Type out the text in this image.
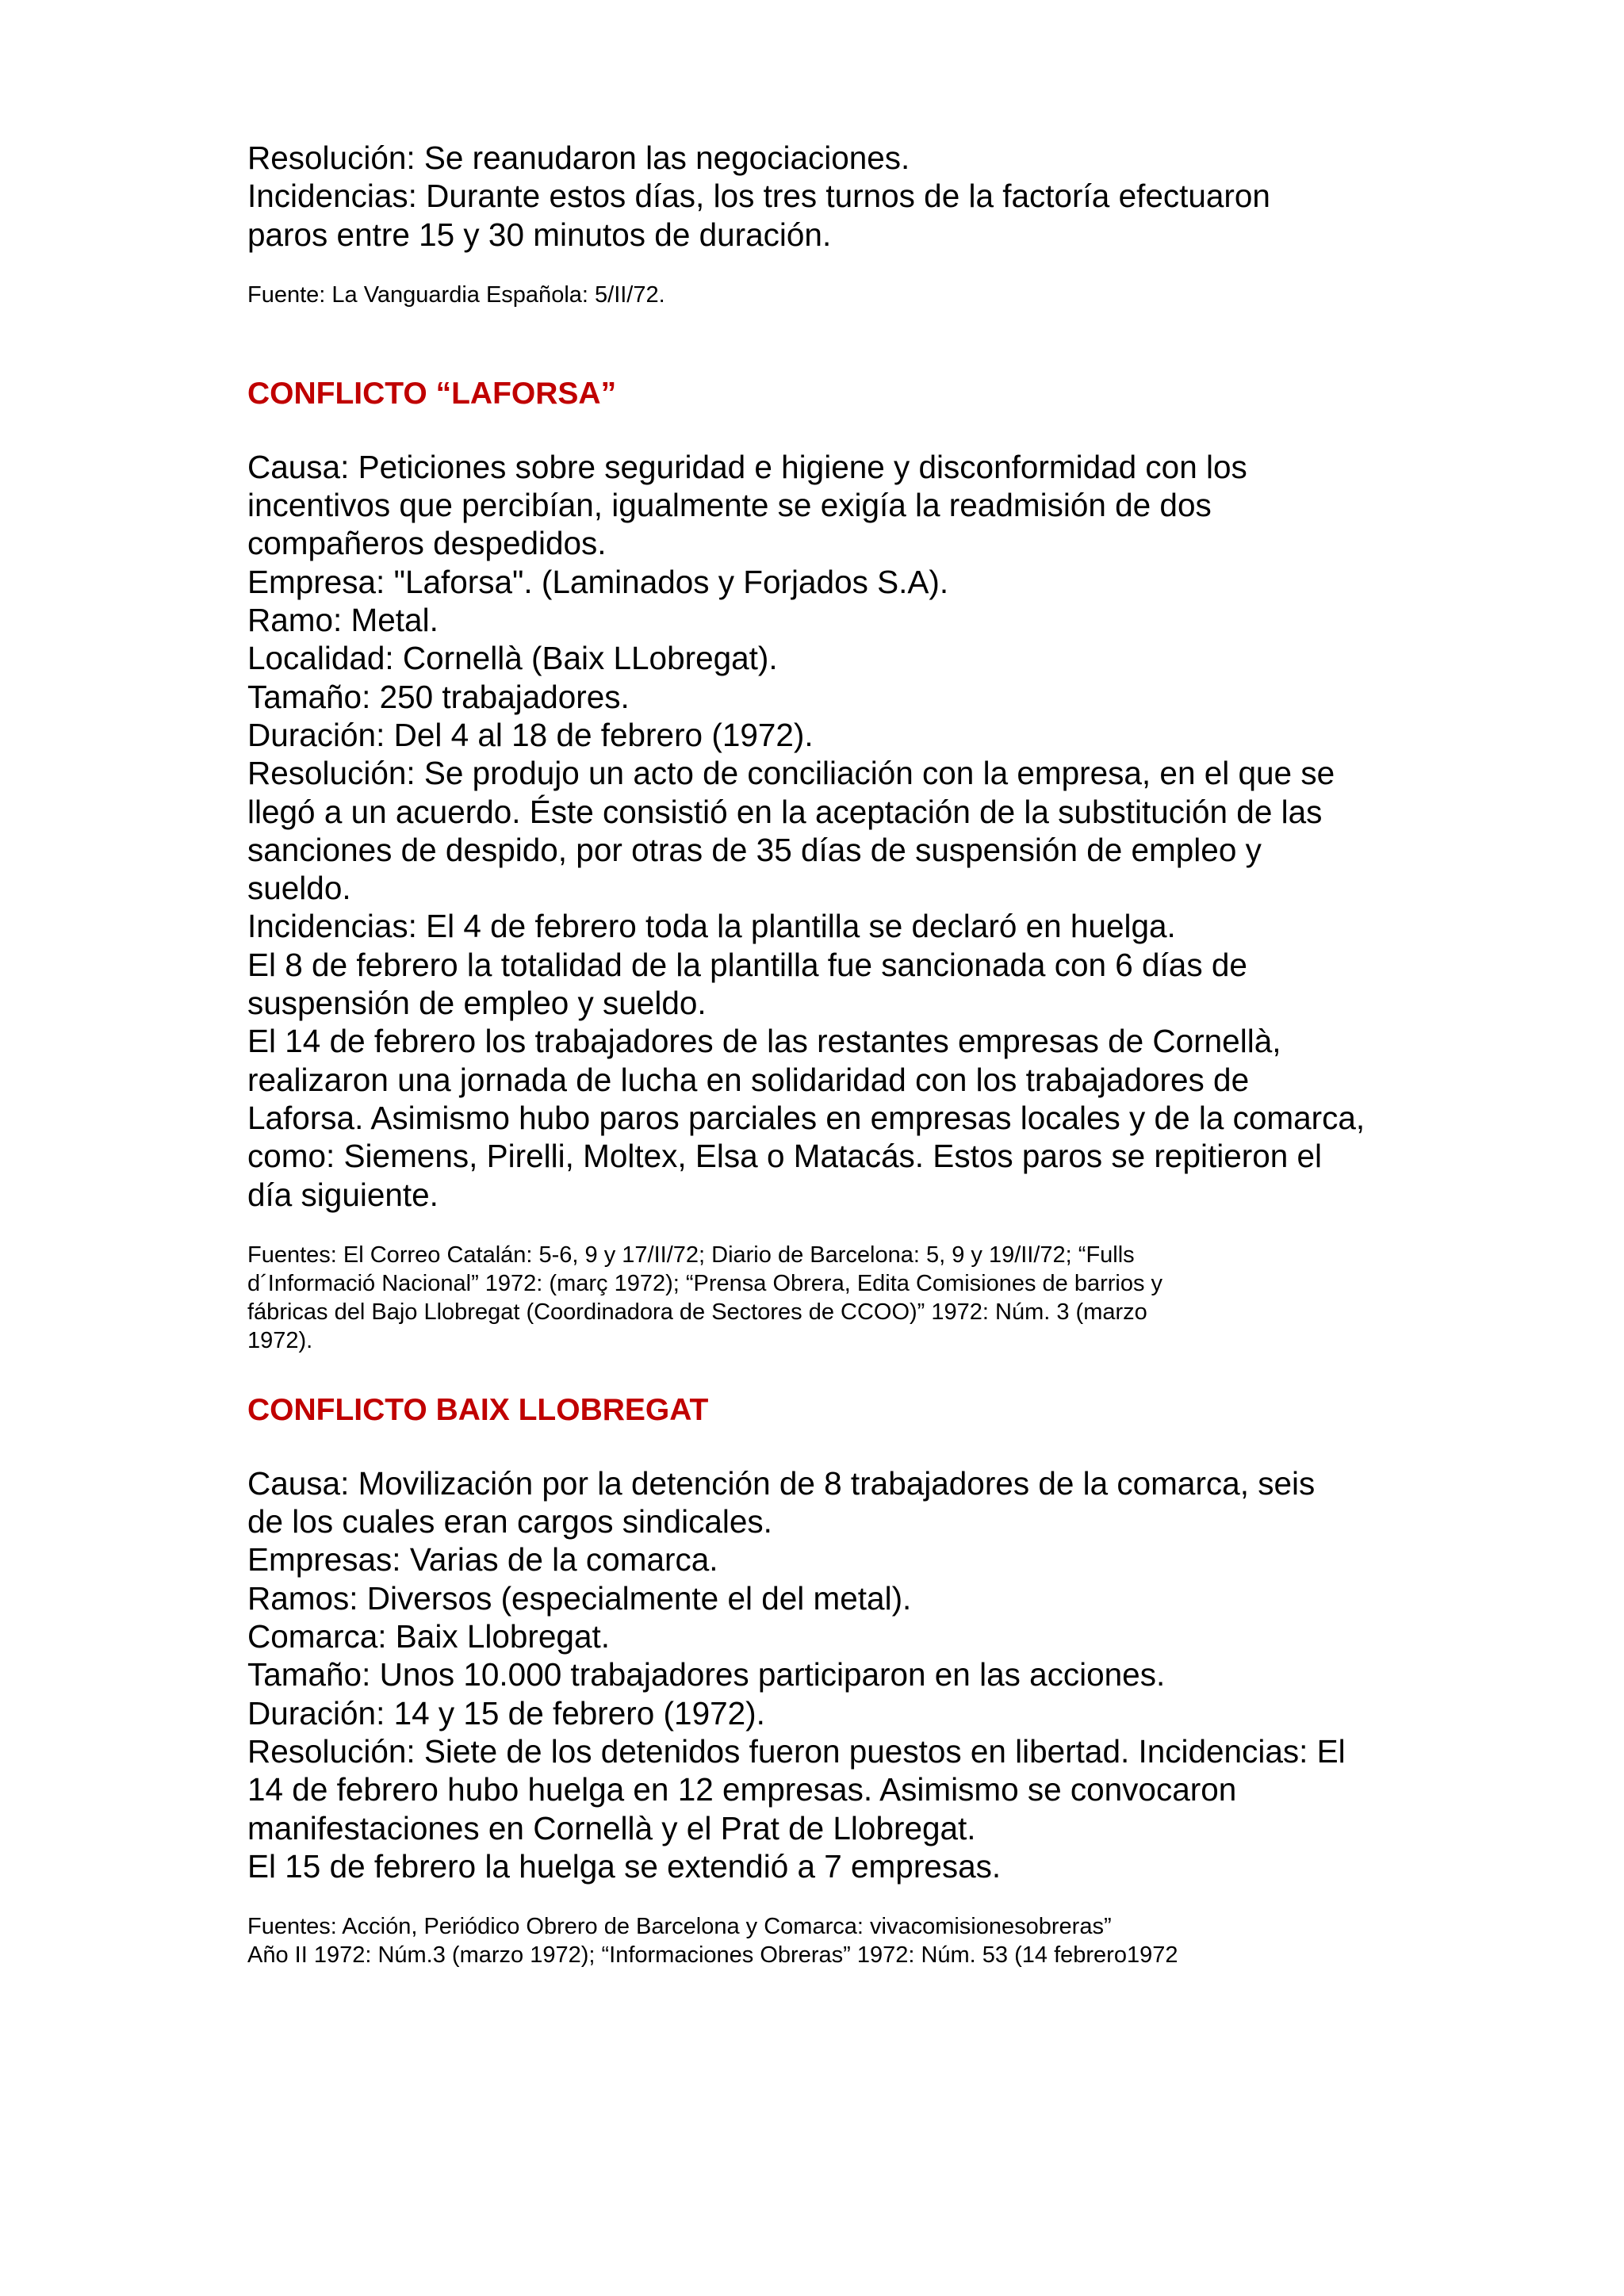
Resolución: Se reanudaron las negociaciones.
Incidencias: Durante estos días, los tres turnos de la factoría efectuaron
paros entre 15 y 30 minutos de duración.
Fuente: La Vanguardia Española: 5/II/72.
CONFLICTO “LAFORSA”
Causa: Peticiones sobre seguridad e higiene y disconformidad con los
incentivos que percibían, igualmente se exigía la readmisión de dos
compañeros despedidos.
Empresa: "Laforsa". (Laminados y Forjados S.A).
Ramo: Metal.
Localidad: Cornellà (Baix LLobregat).
Tamaño: 250 trabajadores.
Duración: Del 4 al 18 de febrero (1972).
Resolución: Se produjo un acto de conciliación con la empresa, en el que se
llegó a un acuerdo. Éste consistió en la aceptación de la substitución de las
sanciones de despido, por otras de 35 días de suspensión de empleo y
sueldo.
Incidencias: El 4 de febrero toda la plantilla se declaró en huelga.
El 8 de febrero la totalidad de la plantilla fue sancionada con 6 días de
suspensión de empleo y sueldo.
El 14 de febrero los trabajadores de las restantes empresas de Cornellà,
realizaron una jornada de lucha en solidaridad con los trabajadores de
Laforsa. Asimismo hubo paros parciales en empresas locales y de la comarca,
como: Siemens, Pirelli, Moltex, Elsa o Matacás. Estos paros se repitieron el
día siguiente.
Fuentes: El Correo Catalán: 5-6, 9 y 17/II/72; Diario de Barcelona: 5, 9 y 19/II/72; “Fulls
d´Informació Nacional” 1972: (març 1972); “Prensa Obrera, Edita Comisiones de barrios y
fábricas del Bajo Llobregat (Coordinadora de Sectores de CCOO)” 1972: Núm. 3 (marzo
1972).
CONFLICTO BAIX LLOBREGAT
Causa: Movilización por la detención de 8 trabajadores de la comarca, seis
de los cuales eran cargos sindicales.
Empresas: Varias de la comarca.
Ramos: Diversos (especialmente el del metal).
Comarca: Baix Llobregat.
Tamaño: Unos 10.000 trabajadores participaron en las acciones.
Duración: 14 y 15 de febrero (1972).
Resolución: Siete de los detenidos fueron puestos en libertad. Incidencias: El
14 de febrero hubo huelga en 12 empresas. Asimismo se convocaron
manifestaciones en Cornellà y el Prat de Llobregat.
El 15 de febrero la huelga se extendió a 7 empresas.
Fuentes: Acción, Periódico Obrero de Barcelona y Comarca: vivacomisionesobreras”
Año II 1972: Núm.3 (marzo 1972); “Informaciones Obreras” 1972: Núm. 53 (14 febrero1972
